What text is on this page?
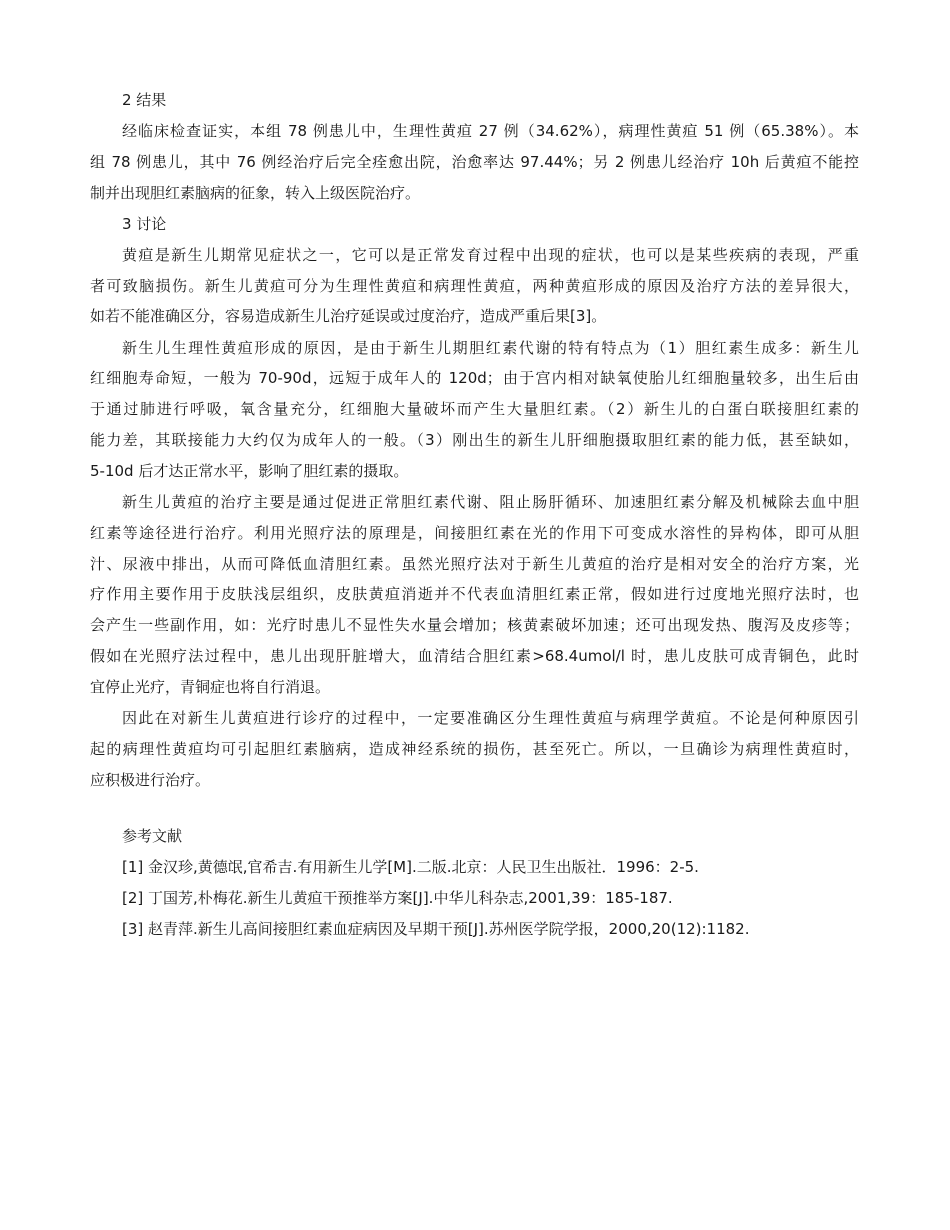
2 结果
经临床检查证实，本组 78 例患儿中，生理性黄疸 27 例（34.62%），病理性黄疸 51 例（65.38%）。本
组 78 例患儿，其中 76 例经治疗后完全痊愈出院，治愈率达 97.44%；另 2 例患儿经治疗 10h 后黄疸不能控
制并出现胆红素脑病的征象，转入上级医院治疗。
3 讨论
黄疸是新生儿期常见症状之一，它可以是正常发育过程中出现的症状，也可以是某些疾病的表现，严重
者可致脑损伤。新生儿黄疸可分为生理性黄疸和病理性黄疸，两种黄疸形成的原因及治疗方法的差异很大，
如若不能准确区分，容易造成新生儿治疗延误或过度治疗，造成严重后果[3]。
新生儿生理性黄疸形成的原因，是由于新生儿期胆红素代谢的特有特点为（1）胆红素生成多：新生儿
红细胞寿命短，一般为 70-90d，远短于成年人的 120d；由于宫内相对缺氧使胎儿红细胞量较多，出生后由
于通过肺进行呼吸，氧含量充分，红细胞大量破坏而产生大量胆红素。（2）新生儿的白蛋白联接胆红素的
能力差，其联接能力大约仅为成年人的一般。（3）刚出生的新生儿肝细胞摄取胆红素的能力低，甚至缺如，
5-10d 后才达正常水平，影响了胆红素的摄取。
新生儿黄疸的治疗主要是通过促进正常胆红素代谢、阻止肠肝循环、加速胆红素分解及机械除去血中胆
红素等途径进行治疗。利用光照疗法的原理是，间接胆红素在光的作用下可变成水溶性的异构体，即可从胆
汁、尿液中排出，从而可降低血清胆红素。虽然光照疗法对于新生儿黄疸的治疗是相对安全的治疗方案，光
疗作用主要作用于皮肤浅层组织，皮肤黄疸消逝并不代表血清胆红素正常，假如进行过度地光照疗法时，也
会产生一些副作用，如：光疗时患儿不显性失水量会增加；核黄素破坏加速；还可出现发热、腹泻及皮疹等；
假如在光照疗法过程中，患儿出现肝脏增大，血清结合胆红素>68.4umol/l 时，患儿皮肤可成青铜色，此时
宜停止光疗，青铜症也将自行消退。
因此在对新生儿黄疸进行诊疗的过程中，一定要准确区分生理性黄疸与病理学黄疸。不论是何种原因引
起的病理性黄疸均可引起胆红素脑病，造成神经系统的损伤，甚至死亡。所以，一旦确诊为病理性黄疸时，
应积极进行治疗。
参考文献
[1] 金汉珍,黄德氓,官希吉.有用新生儿学[M].二版.北京：人民卫生出版社．1996：2-5.
[2] 丁国芳,朴梅花.新生儿黄疸干预推举方案[J].中华儿科杂志,2001,39：185-187.
[3] 赵青萍.新生儿高间接胆红素血症病因及早期干预[J].苏州医学院学报，2000,20(12):1182.
